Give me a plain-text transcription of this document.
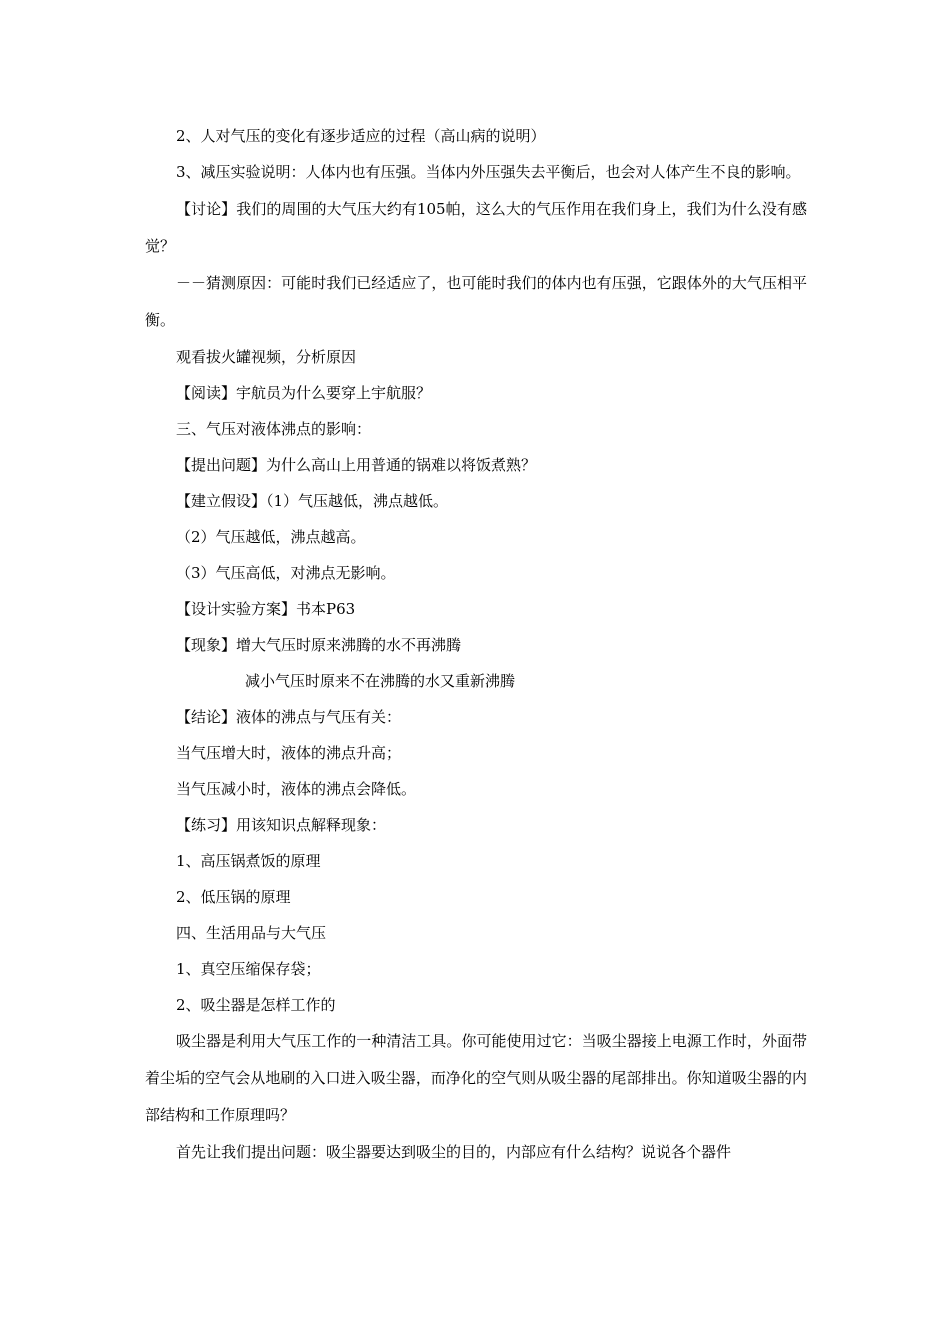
2、人对气压的变化有逐步适应的过程（高山病的说明）
3、减压实验说明：人体内也有压强。当体内外压强失去平衡后，也会对人体产生不良的影响。
【讨论】我们的周围的大气压大约有105帕，这么大的气压作用在我们身上，我们为什么没有感觉？
－－猜测原因：可能时我们已经适应了，也可能时我们的体内也有压强，它跟体外的大气压相平衡。
观看拔火罐视频，分析原因
【阅读】宇航员为什么要穿上宇航服？
三、气压对液体沸点的影响：
【提出问题】为什么高山上用普通的锅难以将饭煮熟？
【建立假设】（1）气压越低，沸点越低。
（2）气压越低，沸点越高。
（3）气压高低，对沸点无影响。
【设计实验方案】书本P63
【现象】增大气压时原来沸腾的水不再沸腾
减小气压时原来不在沸腾的水又重新沸腾
【结论】液体的沸点与气压有关：
当气压增大时，液体的沸点升高；
当气压减小时，液体的沸点会降低。
【练习】用该知识点解释现象：
1、高压锅煮饭的原理
2、低压锅的原理
四、生活用品与大气压
1、真空压缩保存袋；
2、吸尘器是怎样工作的
吸尘器是利用大气压工作的一种清洁工具。你可能使用过它：当吸尘器接上电源工作时，外面带着尘垢的空气会从地刷的入口进入吸尘器，而净化的空气则从吸尘器的尾部排出。你知道吸尘器的内部结构和工作原理吗？
首先让我们提出问题：吸尘器要达到吸尘的目的，内部应有什么结构？说说各个器件
